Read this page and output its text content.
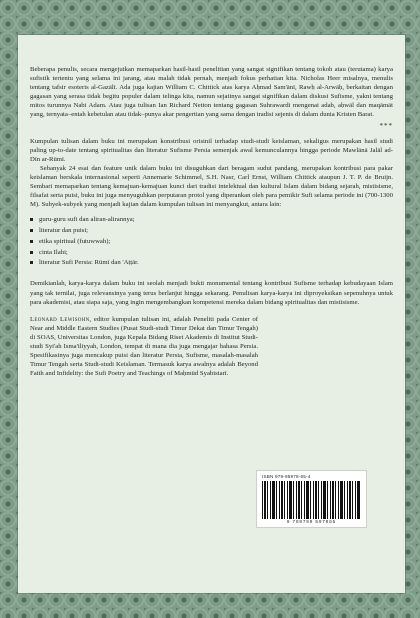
Beberapa penulis, secara mengejutkan memaparkan hasil-hasil penelitian yang sangat signifikan tentang tokoh atau (terutama) karya sufistik tertentu yang selama ini jarang, atau malah tidak pernah, menjadi fokus perhatian kita. Nicholas Heer misalnya, menulis tentang tafsir esoteris al-Gazālī. Ada juga kajian William C. Chittick atas karya Aḥmad Sam'ānī, Rawḥ al-Arwāḥ, berkaitan dengan gagasan yang serasa tidak begitu populer dalam telinga kita, namun sejatinya sangat signifikan dalam diskusi Sufisme, yakni tentang mitos turunnya Nabi Adam. Atau juga tulisan Ian Richard Netton tentang gagasan Suhrawardi mengenai adab, aḥwāl dan maqāmāt yang, ternyata–entah kebetulan atau tidak–punya akar pengertian yang sama dengan tradisi sejenis di dalam dunia Kristen Barat.

***

Kumpulan tulisan dalam buku ini merupakan konstribusi orisinil terhadap studi-studi keislaman, sekaligus merupakan hasil studi paling up-to-date tentang spiritualitas dan literatur Sufisme Persia semenjak awal kemunculannya hingga periode Mawlānā Jalāl ad-Dīn ar-Rūmī.

Sebanyak 24 esai dan feature unik dalam buku ini disuguhkan dari beragam sudut pandang, merupakan kontribusi para pakar keislaman berskala internasional seperti Annemarie Schimmel, S.H. Nasr, Carl Ernst, William Chittick ataupun J. T. P. de Bruijn. Sembari memaparkan tentang kemajuan-kemajuan kunci dari tradisi intelektual dan kultural Islam dalam bidang sejarah, mistisisme, filsafat serta puisi, buku ini juga menyuguhkan perputaran protol yang diperankan oleh para pemikir Sufi selama periode ini (700-1300 M). Subyek-subyek yang menjadi kajian dalam kumpulan tulisan ini menyangkut, antara lain:

guru-guru sufi dan aliran-alirannya;
literatur dan puisi;
etika spiritual (futuwwah);
cinta Ilahi;
literatur Sufi Persia: Rūmī dan 'Aṭṭār.

Demikianlah, karya-karya dalam buku ini seolah menjadi bukti monumental tentang kontribusi Sufisme terhadap kebudayaan Islam yang tak ternilai, juga relevansinya yang terus berlanjut hingga sekarang. Penulisan karya-karya ini diproyeksikan sepenuhnya untuk para akademisi, atau siapa saja, yang ingin mengembangkan kompetensi mereka dalam bidang spiritualitas dan mistisisme.

Leonard Lewisohn, editor kumpulan tulisan ini, adalah Peneliti pada Center of Near and Middle Eastern Studies (Pusat Studi-studi Timur Dekat dan Timur Tengah) di SOAS, Universitas London, juga Kepala Bidang Riset Akademis di Institut Studi-studi Syi'ah Isma'iliyyah, London, tempat di mana dia juga mengajar bahasa Persia. Spesifikasinya juga mencakup puisi dan literatur Persia, Sufisme, masalah-masalah Timur Tengah serta Studi-studi Keislaman. Termasuk karya awalnya adalah Beyond Faith and Infidelity: the Sufi Poetry and Teachings of Maḥmūd Syabistarī.

ISBN 979-95978-65-4
9 789799 597865
